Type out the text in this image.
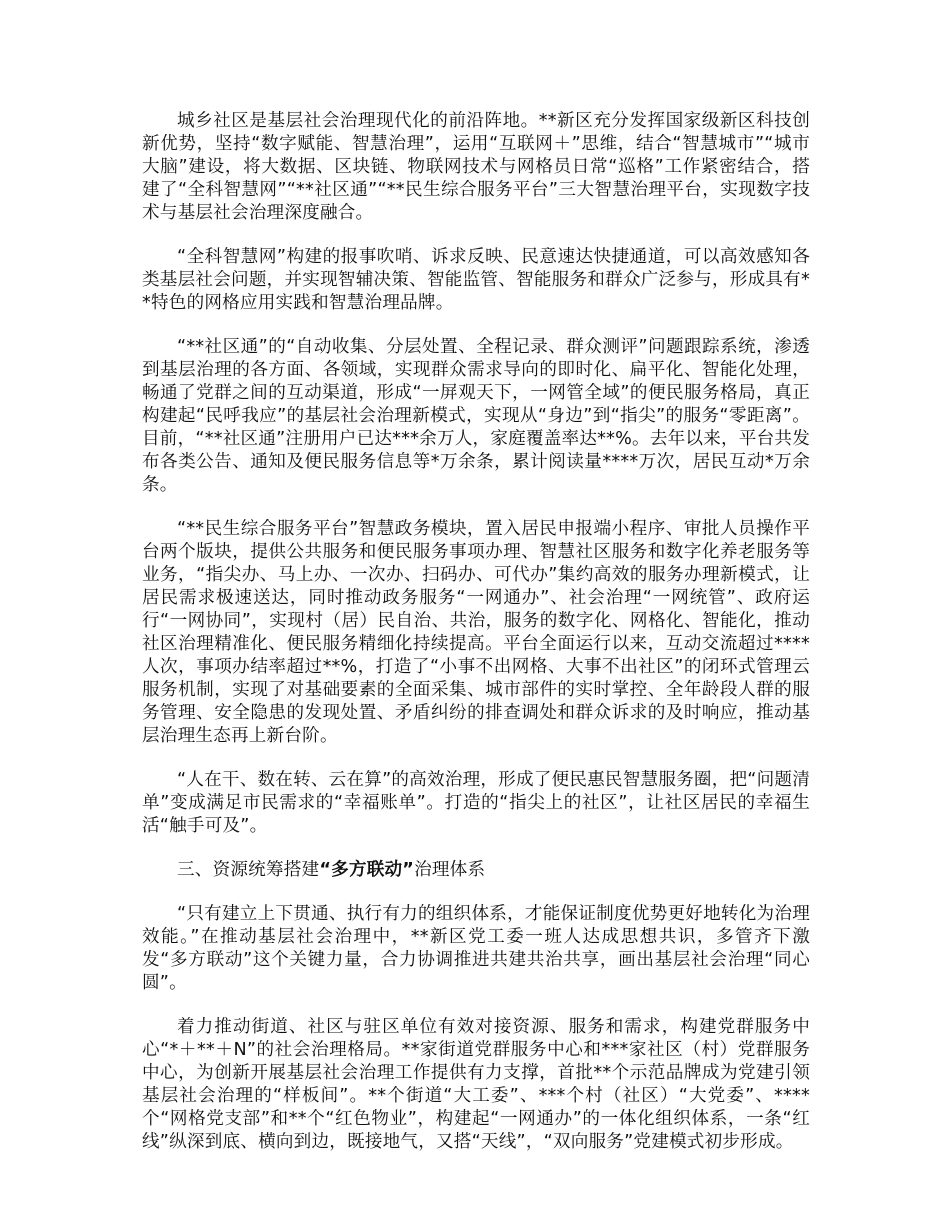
城乡社区是基层社会治理现代化的前沿阵地。**新区充分发挥国家级新区科技创新优势，坚持“数字赋能、智慧治理”，运用“互联网＋”思维，结合“智慧城市”“城市大脑”建设，将大数据、区块链、物联网技术与网格员日常“巡格”工作紧密结合，搭建了“全科智慧网”“**社区通”“**民生综合服务平台”三大智慧治理平台，实现数字技术与基层社会治理深度融合。

“全科智慧网”构建的报事吹哨、诉求反映、民意速达快捷通道，可以高效感知各类基层社会问题，并实现智辅决策、智能监管、智能服务和群众广泛参与，形成具有**特色的网格应用实践和智慧治理品牌。

“**社区通”的“自动收集、分层处置、全程记录、群众测评”问题跟踪系统，渗透到基层治理的各方面、各领域，实现群众需求导向的即时化、扁平化、智能化处理，畅通了党群之间的互动渠道，形成“一屏观天下，一网管全域”的便民服务格局，真正构建起“民呼我应”的基层社会治理新模式，实现从“身边”到“指尖”的服务“零距离”。目前，“**社区通”注册用户已达***余万人，家庭覆盖率达**%。去年以来，平台共发布各类公告、通知及便民服务信息等*万余条，累计阅读量****万次，居民互动*万余条。

“**民生综合服务平台”智慧政务模块，置入居民申报端小程序、审批人员操作平台两个版块，提供公共服务和便民服务事项办理、智慧社区服务和数字化养老服务等业务，“指尖办、马上办、一次办、扫码办、可代办”集约高效的服务办理新模式，让居民需求极速送达，同时推动政务服务“一网通办”、社会治理“一网统管”、政府运行“一网协同”，实现村（居）民自治、共治，服务的数字化、网格化、智能化，推动社区治理精准化、便民服务精细化持续提高。平台全面运行以来，互动交流超过****人次，事项办结率超过**%，打造了“小事不出网格、大事不出社区”的闭环式管理云服务机制，实现了对基础要素的全面采集、城市部件的实时掌控、全年龄段人群的服务管理、安全隐患的发现处置、矛盾纠纷的排查调处和群众诉求的及时响应，推动基层治理生态再上新台阶。

“人在干、数在转、云在算”的高效治理，形成了便民惠民智慧服务圈，把“问题清单”变成满足市民需求的“幸福账单”。打造的“指尖上的社区”，让社区居民的幸福生活“触手可及”。

三、资源统筹搭建“多方联动”治理体系

“只有建立上下贯通、执行有力的组织体系，才能保证制度优势更好地转化为治理效能。”在推动基层社会治理中，**新区党工委一班人达成思想共识，多管齐下激发“多方联动”这个关键力量，合力协调推进共建共治共享，画出基层社会治理“同心圆”。

着力推动街道、社区与驻区单位有效对接资源、服务和需求，构建党群服务中心“*＋**＋N”的社会治理格局。**家街道党群服务中心和***家社区（村）党群服务中心，为创新开展基层社会治理工作提供有力支撑，首批**个示范品牌成为党建引领基层社会治理的“样板间”。**个街道“大工委”、***个村（社区）“大党委”、****个“网格党支部”和**个“红色物业”，构建起“一网通办”的一体化组织体系，一条“红线”纵深到底、横向到边，既接地气，又搭“天线”，“双向服务”党建模式初步形成。
